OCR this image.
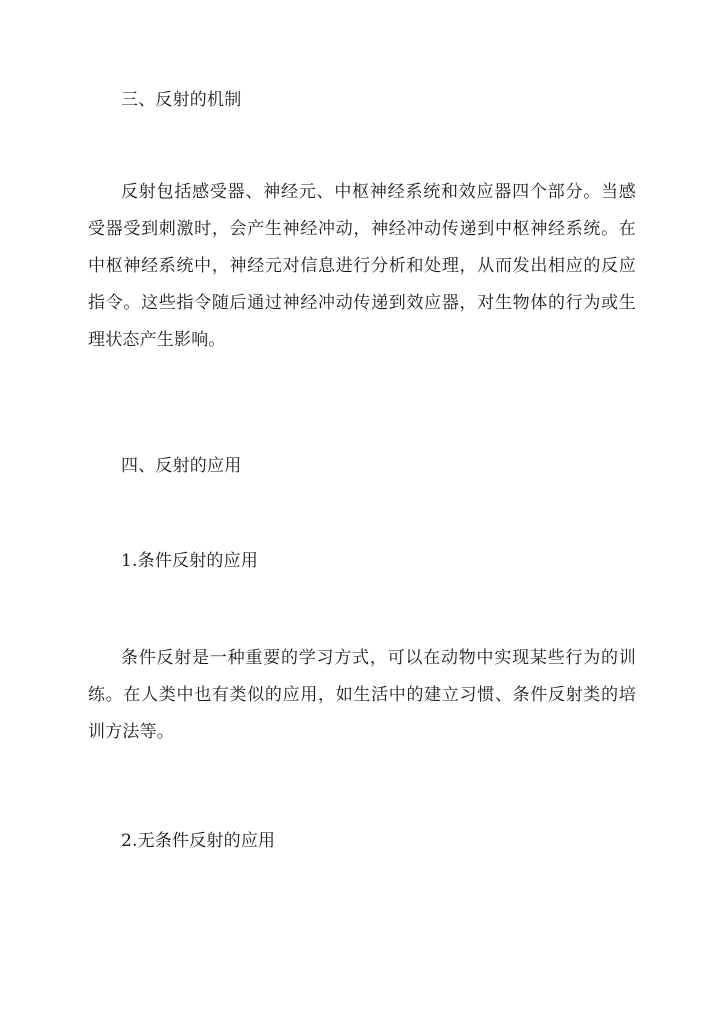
三、反射的机制
反射包括感受器、神经元、中枢神经系统和效应器四个部分。当感受器受到刺激时，会产生神经冲动，神经冲动传递到中枢神经系统。在中枢神经系统中，神经元对信息进行分析和处理，从而发出相应的反应指令。这些指令随后通过神经冲动传递到效应器，对生物体的行为或生理状态产生影响。
四、反射的应用
1.条件反射的应用
条件反射是一种重要的学习方式，可以在动物中实现某些行为的训练。在人类中也有类似的应用，如生活中的建立习惯、条件反射类的培训方法等。
2.无条件反射的应用
